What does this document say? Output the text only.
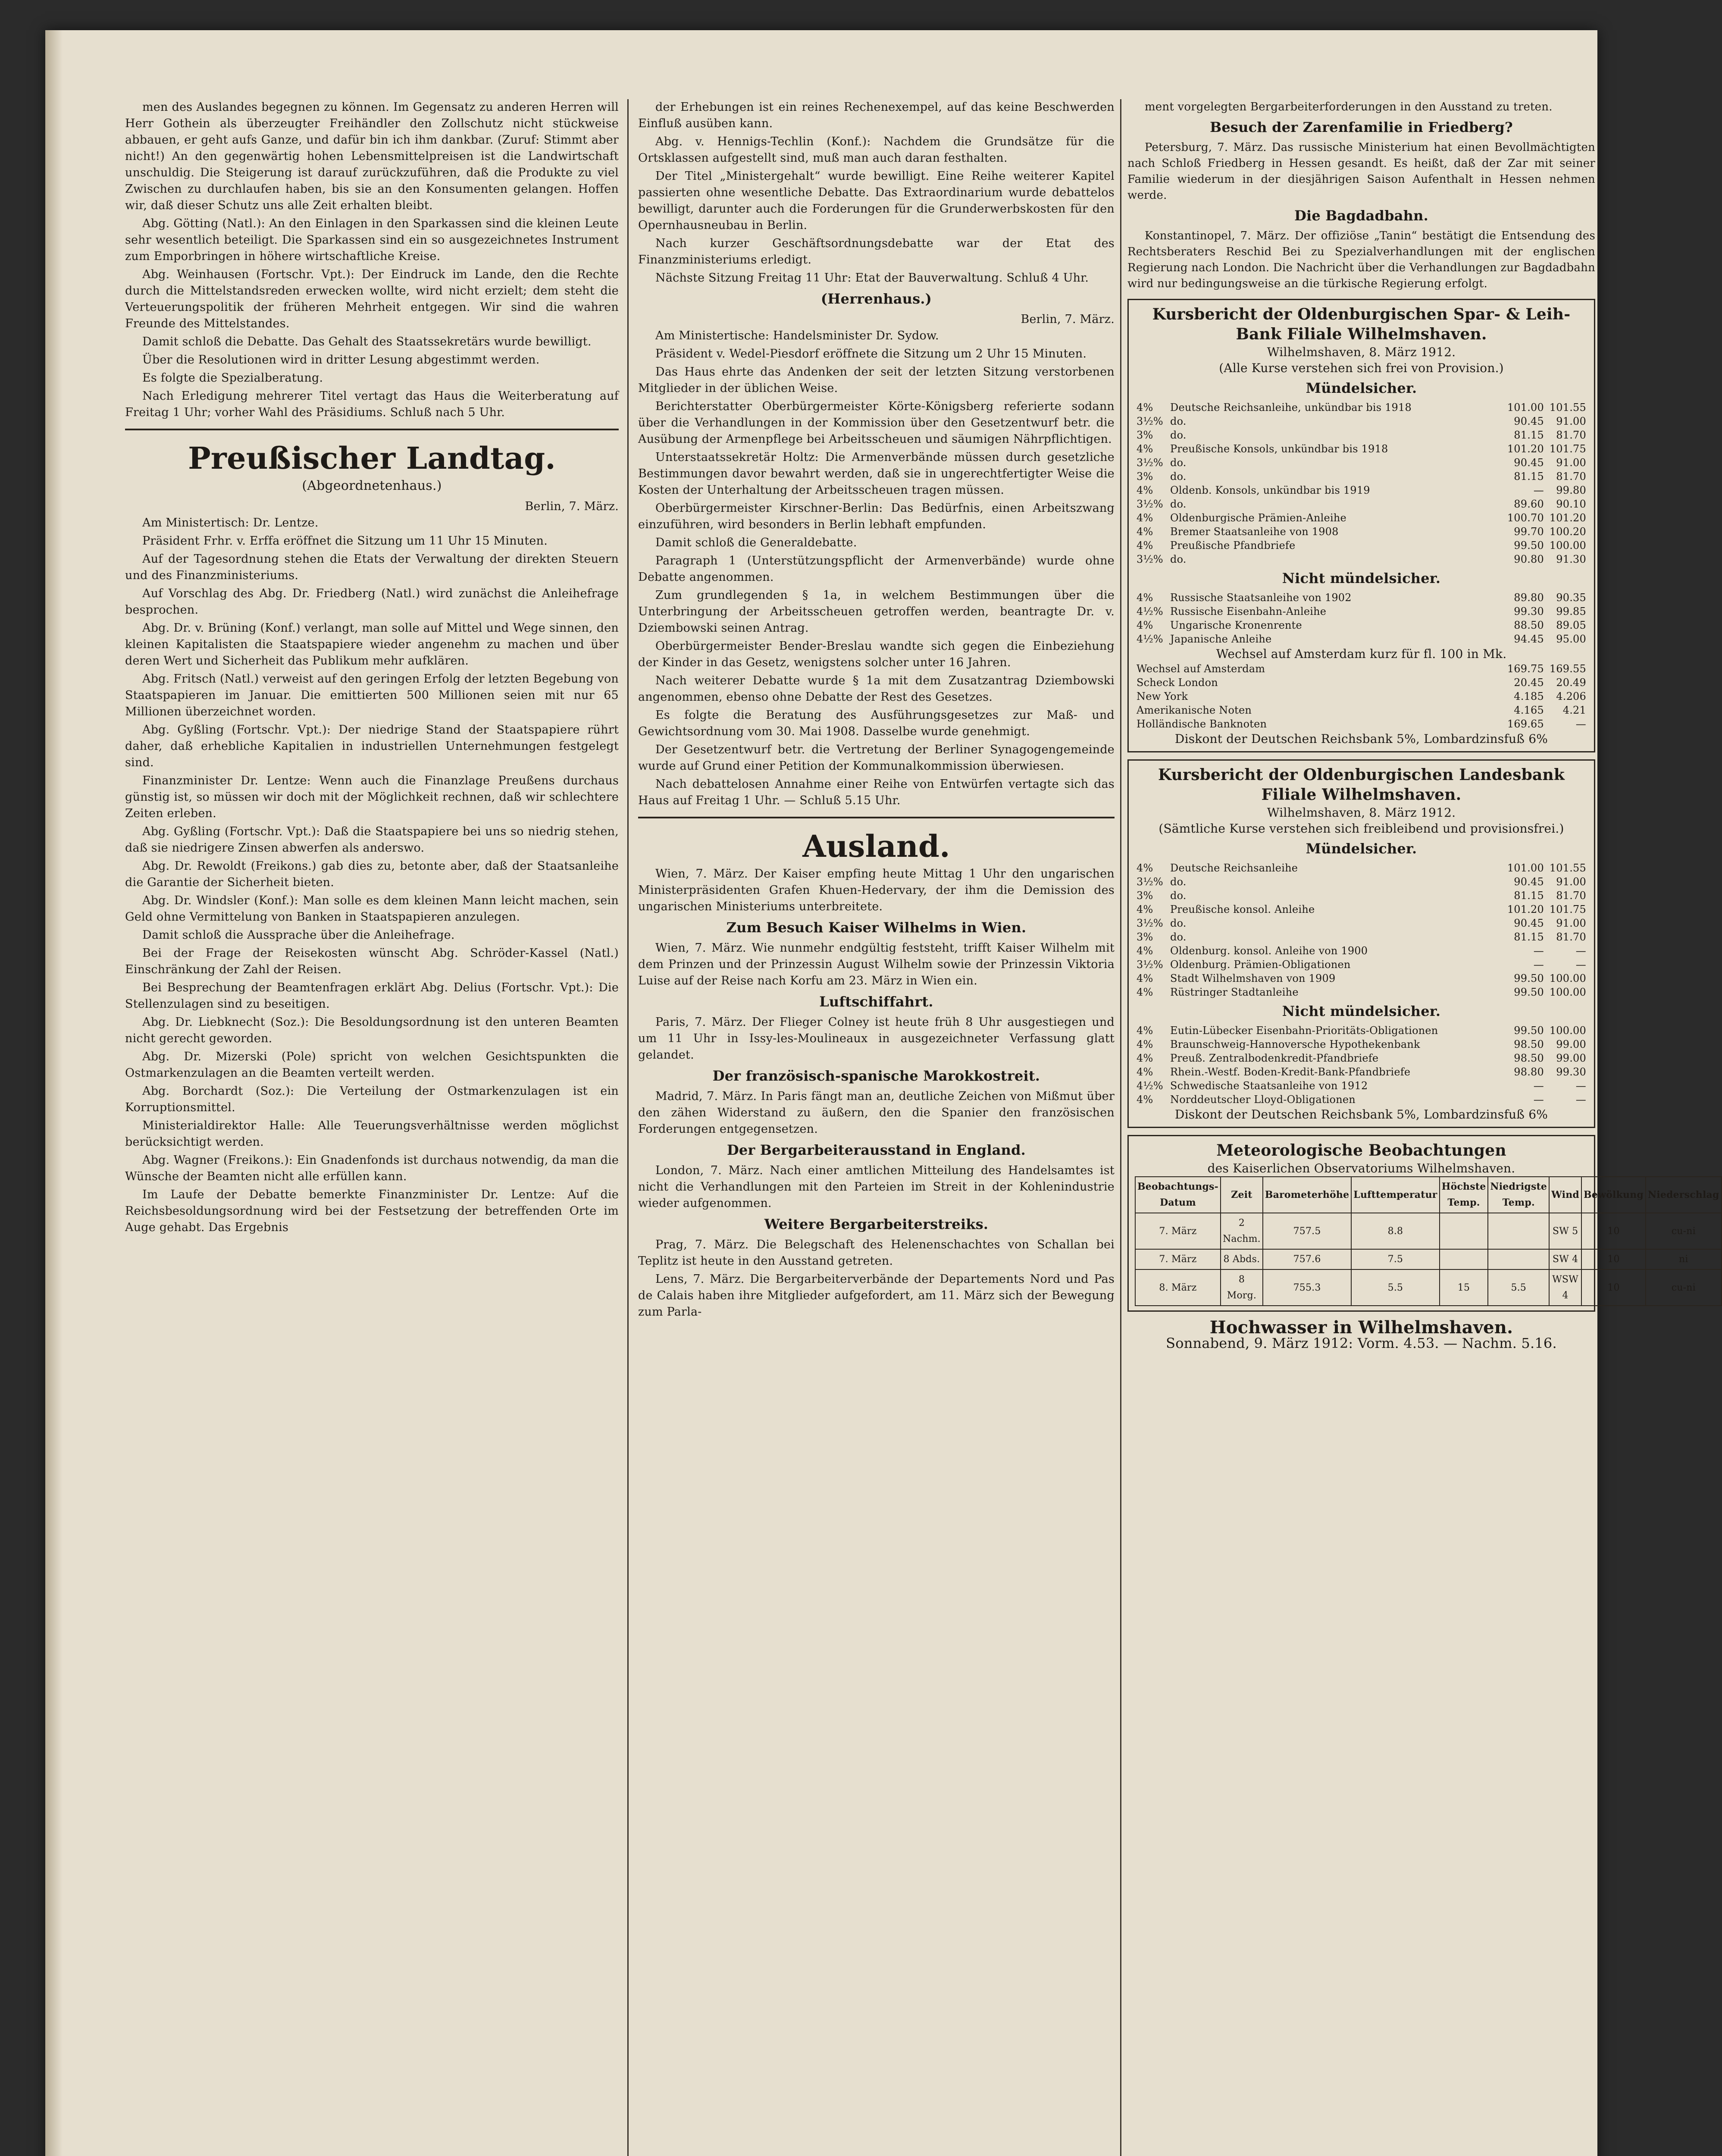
men des Auslandes begegnen zu können. Im Gegensatz zu anderen Herren will Herr Gothein als überzeugter Freihändler den Zollschutz nicht stückweise abbauen, er geht aufs Ganze, und dafür bin ich ihm dankbar. (Zuruf: Stimmt aber nicht!) An den gegenwärtig hohen Lebensmittelpreisen ist die Landwirtschaft unschuldig. Die Steigerung ist darauf zurückzuführen, daß die Produkte zu viel Zwischen zu durchlaufen haben, bis sie an den Konsumenten gelangen. Hoffen wir, daß dieser Schutz uns alle Zeit erhalten bleibt.

Abg. Götting (Natl.): An den Einlagen in den Sparkassen sind die kleinen Leute sehr wesentlich beteiligt. Die Sparkassen sind ein so ausgezeichnetes Instrument zum Emporbringen in höhere wirtschaftliche Kreise.

Abg. Weinhausen (Fortschr. Vpt.): Der Eindruck im Lande, den die Rechte durch die Mittelstandsreden erwecken wollte, wird nicht erzielt; dem steht die Verteuerungspolitik der früheren Mehrheit entgegen. Wir sind die wahren Freunde des Mittelstandes.

Damit schloß die Debatte. Das Gehalt des Staatssekretärs wurde bewilligt.

Über die Resolutionen wird in dritter Lesung abgestimmt werden.

Es folgte die Spezialberatung.

Nach Erledigung mehrerer Titel vertagt das Haus die Weiterberatung auf Freitag 1 Uhr; vorher Wahl des Präsidiums. Schluß nach 5 Uhr.

Preußischer Landtag.
(Abgeordnetenhaus.)
Berlin, 7. März.

Am Ministertisch: Dr. Lentze.

Präsident Frhr. v. Erffa eröffnet die Sitzung um 11 Uhr 15 Minuten.

Auf der Tagesordnung stehen die Etats der Verwaltung der direkten Steuern und des Finanzministeriums.

Auf Vorschlag des Abg. Dr. Friedberg (Natl.) wird zunächst die Anleihefrage besprochen.

Abg. Dr. v. Brüning (Konf.) verlangt, man solle auf Mittel und Wege sinnen, den kleinen Kapitalisten die Staatspapiere wieder angenehm zu machen und über deren Wert und Sicherheit das Publikum mehr aufklären.

Abg. Fritsch (Natl.) verweist auf den geringen Erfolg der letzten Begebung von Staatspapieren im Januar. Die emittierten 500 Millionen seien mit nur 65 Millionen überzeichnet worden.

Abg. Gyßling (Fortschr. Vpt.): Der niedrige Stand der Staatspapiere rührt daher, daß erhebliche Kapitalien in industriellen Unternehmungen festgelegt sind.

Finanzminister Dr. Lentze: Wenn auch die Finanzlage Preußens durchaus günstig ist, so müssen wir doch mit der Möglichkeit rechnen, daß wir schlechtere Zeiten erleben.

Abg. Gyßling (Fortschr. Vpt.): Daß die Staatspapiere bei uns so niedrig stehen, daß sie niedrigere Zinsen abwerfen als anderswo.

Abg. Dr. Rewoldt (Freikons.) gab dies zu, betonte aber, daß der Staatsanleihe die Garantie der Sicherheit bieten.

Abg. Dr. Windsler (Konf.): Man solle es dem kleinen Mann leicht machen, sein Geld ohne Vermittelung von Banken in Staatspapieren anzulegen.

Damit schloß die Aussprache über die Anleihefrage.

Bei der Frage der Reisekosten wünscht Abg. Schröder-Kassel (Natl.) Einschränkung der Zahl der Reisen.

Bei Besprechung der Beamtenfragen erklärt Abg. Delius (Fortschr. Vpt.): Die Stellenzulagen sind zu beseitigen.

Abg. Dr. Liebknecht (Soz.): Die Besoldungsordnung ist den unteren Beamten nicht gerecht geworden.

Abg. Dr. Mizerski (Pole) spricht von welchen Gesichtspunkten die Ostmarkenzulagen an die Beamten verteilt werden.

Abg. Borchardt (Soz.): Die Verteilung der Ostmarkenzulagen ist ein Korruptionsmittel.

Ministerialdirektor Halle: Alle Teuerungsverhältnisse werden möglichst berücksichtigt werden.

Abg. Wagner (Freikons.): Ein Gnadenfonds ist durchaus notwendig, da man die Wünsche der Beamten nicht alle erfüllen kann.

Im Laufe der Debatte bemerkte Finanzminister Dr. Lentze: Auf die Reichsbesoldungsordnung wird bei der Festsetzung der betreffenden Orte im Auge gehabt. Das Ergebnis

der Erhebungen ist ein reines Rechenexempel, auf das keine Beschwerden Einfluß ausüben kann.

Abg. v. Hennigs-Techlin (Konf.): Nachdem die Grundsätze für die Ortsklassen aufgestellt sind, muß man auch daran festhalten.

Der Titel „Ministergehalt“ wurde bewilligt. Eine Reihe weiterer Kapitel passierten ohne wesentliche Debatte. Das Extraordinarium wurde debattelos bewilligt, darunter auch die Forderungen für die Grunderwerbskosten für den Opernhausneubau in Berlin.

Nach kurzer Geschäftsordnungsdebatte war der Etat des Finanzministeriums erledigt.

Nächste Sitzung Freitag 11 Uhr: Etat der Bauverwaltung. Schluß 4 Uhr.

(Herrenhaus.)
Berlin, 7. März.

Am Ministertische: Handelsminister Dr. Sydow.

Präsident v. Wedel-Piesdorf eröffnete die Sitzung um 2 Uhr 15 Minuten.

Das Haus ehrte das Andenken der seit der letzten Sitzung verstorbenen Mitglieder in der üblichen Weise.

Berichterstatter Oberbürgermeister Körte-Königsberg referierte sodann über die Verhandlungen in der Kommission über den Gesetzentwurf betr. die Ausübung der Armenpflege bei Arbeitsscheuen und säumigen Nährpflichtigen.

Unterstaatssekretär Holtz: Die Armenverbände müssen durch gesetzliche Bestimmungen davor bewahrt werden, daß sie in ungerechtfertigter Weise die Kosten der Unterhaltung der Arbeitsscheuen tragen müssen.

Oberbürgermeister Kirschner-Berlin: Das Bedürfnis, einen Arbeitszwang einzuführen, wird besonders in Berlin lebhaft empfunden.

Damit schloß die Generaldebatte.

Paragraph 1 (Unterstützungspflicht der Armenverbände) wurde ohne Debatte angenommen.

Zum grundlegenden § 1a, in welchem Bestimmungen über die Unterbringung der Arbeitsscheuen getroffen werden, beantragte Dr. v. Dziembowski seinen Antrag.

Oberbürgermeister Bender-Breslau wandte sich gegen die Einbeziehung der Kinder in das Gesetz, wenigstens solcher unter 16 Jahren.

Nach weiterer Debatte wurde § 1a mit dem Zusatzantrag Dziembowski angenommen, ebenso ohne Debatte der Rest des Gesetzes.

Es folgte die Beratung des Ausführungsgesetzes zur Maß- und Gewichtsordnung vom 30. Mai 1908. Dasselbe wurde genehmigt.

Der Gesetzentwurf betr. die Vertretung der Berliner Synagogengemeinde wurde auf Grund einer Petition der Kommunalkommission überwiesen.

Nach debattelosen Annahme einer Reihe von Entwürfen vertagte sich das Haus auf Freitag 1 Uhr. — Schluß 5.15 Uhr.

Ausland.

Wien, 7. März. Der Kaiser empfing heute Mittag 1 Uhr den ungarischen Ministerpräsidenten Grafen Khuen-Hedervary, der ihm die Demission des ungarischen Ministeriums unterbreitete.

Zum Besuch Kaiser Wilhelms in Wien.

Wien, 7. März. Wie nunmehr endgültig feststeht, trifft Kaiser Wilhelm mit dem Prinzen und der Prinzessin August Wilhelm sowie der Prinzessin Viktoria Luise auf der Reise nach Korfu am 23. März in Wien ein.

Luftschiffahrt.

Paris, 7. März. Der Flieger Colney ist heute früh 8 Uhr ausgestiegen und um 11 Uhr in Issy-les-Moulineaux in ausgezeichneter Verfassung glatt gelandet.

Der französisch-spanische Marokkostreit.

Madrid, 7. März. In Paris fängt man an, deutliche Zeichen von Mißmut über den zähen Widerstand zu äußern, den die Spanier den französischen Forderungen entgegensetzen.

Der Bergarbeiterausstand in England.

London, 7. März. Nach einer amtlichen Mitteilung des Handelsamtes ist nicht die Verhandlungen mit den Parteien im Streit in der Kohlenindustrie wieder aufgenommen.

Weitere Bergarbeiterstreiks.

Prag, 7. März. Die Belegschaft des Helenenschachtes von Schallan bei Teplitz ist heute in den Ausstand getreten.

Lens, 7. März. Die Bergarbeiterverbände der Departements Nord und Pas de Calais haben ihre Mitglieder aufgefordert, am 11. März sich der Bewegung zum Parla-

ment vorgelegten Bergarbeiterforderungen in den Ausstand zu treten.

Besuch der Zarenfamilie in Friedberg?

Petersburg, 7. März. Das russische Ministerium hat einen Bevollmächtigten nach Schloß Friedberg in Hessen gesandt. Es heißt, daß der Zar mit seiner Familie wiederum in der diesjährigen Saison Aufenthalt in Hessen nehmen werde.

Die Bagdadbahn.

Konstantinopel, 7. März. Der offiziöse „Tanin“ bestätigt die Entsendung des Rechtsberaters Reschid Bei zu Spezialverhandlungen mit der englischen Regierung nach London. Die Nachricht über die Verhandlungen zur Bagdadbahn wird nur bedingungsweise an die türkische Regierung erfolgt.

Kursbericht der Oldenburgischen Spar- & Leih-Bank Filiale Wilhelmshaven.
Wilhelmshaven, 8. März 1912.
(Alle Kurse verstehen sich frei von Provision.)
Mündelsicher.
4%	Deutsche Reichsanleihe, unkündbar bis 1918	101.00	101.55
3½%	do.	90.45	91.00
3%	do.	81.15	81.70
4%	Preußische Konsols, unkündbar bis 1918	101.20	101.75
3½%	do.	90.45	91.00
3%	do.	81.15	81.70
4%	Oldenb. Konsols, unkündbar bis 1919	—	99.80
3½%	do.	89.60	90.10
4%	Oldenburgische Prämien-Anleihe	100.70	101.20
4%	Bremer Staatsanleihe von 1908	99.70	100.20
4%	Preußische Pfandbriefe	99.50	100.00
3½%	do.	90.80	91.30
Nicht mündelsicher.
4%	Russische Staatsanleihe von 1902	89.80	90.35
4½%	Russische Eisenbahn-Anleihe	99.30	99.85
4%	Ungarische Kronenrente	88.50	89.05
4½%	Japanische Anleihe	94.45	95.00
Wechsel auf Amsterdam kurz für fl. 100 in Mk.
Wechsel auf Amsterdam	169.75	169.55
Scheck London	20.45	20.49
New York	4.185	4.206
Amerikanische Noten	4.165	4.21
Holländische Banknoten	169.65	—
Diskont der Deutschen Reichsbank 5%, Lombardzinsfuß 6%
Kursbericht der Oldenburgischen Landesbank Filiale Wilhelmshaven.
Wilhelmshaven, 8. März 1912.
(Sämtliche Kurse verstehen sich freibleibend und provisionsfrei.)
Mündelsicher.
4%	Deutsche Reichsanleihe	101.00	101.55
3½%	do.	90.45	91.00
3%	do.	81.15	81.70
4%	Preußische konsol. Anleihe	101.20	101.75
3½%	do.	90.45	91.00
3%	do.	81.15	81.70
4%	Oldenburg. konsol. Anleihe von 1900	—	—
3½%	Oldenburg. Prämien-Obligationen	—	—
4%	Stadt Wilhelmshaven von 1909	99.50	100.00
4%	Rüstringer Stadtanleihe	99.50	100.00
Nicht mündelsicher.
4%	Eutin-Lübecker Eisenbahn-Prioritäts-Obligationen	99.50	100.00
4%	Braunschweig-Hannoversche Hypothekenbank	98.50	99.00
4%	Preuß. Zentralbodenkredit-Pfandbriefe	98.50	99.00
4%	Rhein.-Westf. Boden-Kredit-Bank-Pfandbriefe	98.80	99.30
4½%	Schwedische Staatsanleihe von 1912	—	—
4%	Norddeutscher Lloyd-Obligationen	—	—
Diskont der Deutschen Reichsbank 5%, Lombardzinsfuß 6%
Meteorologische Beobachtungen
des Kaiserlichen Observatoriums Wilhelmshaven.
Beobachtungs-Datum	Zeit	Barometerhöhe	Lufttemperatur	Höchste Temp.	Niedrigste Temp.	Wind	Bewölkung	Niederschlag
7. März	2 Nachm.	757.5	8.8			SW 5	10	cu-ni
7. März	8 Abds.	757.6	7.5			SW 4	10	ni
8. März	8 Morg.	755.3	5.5	15	5.5	WSW 4	10	cu-ni
Hochwasser in Wilhelmshaven.
Sonnabend, 9. März 1912: Vorm. 4.53. — Nachm. 5.16.
